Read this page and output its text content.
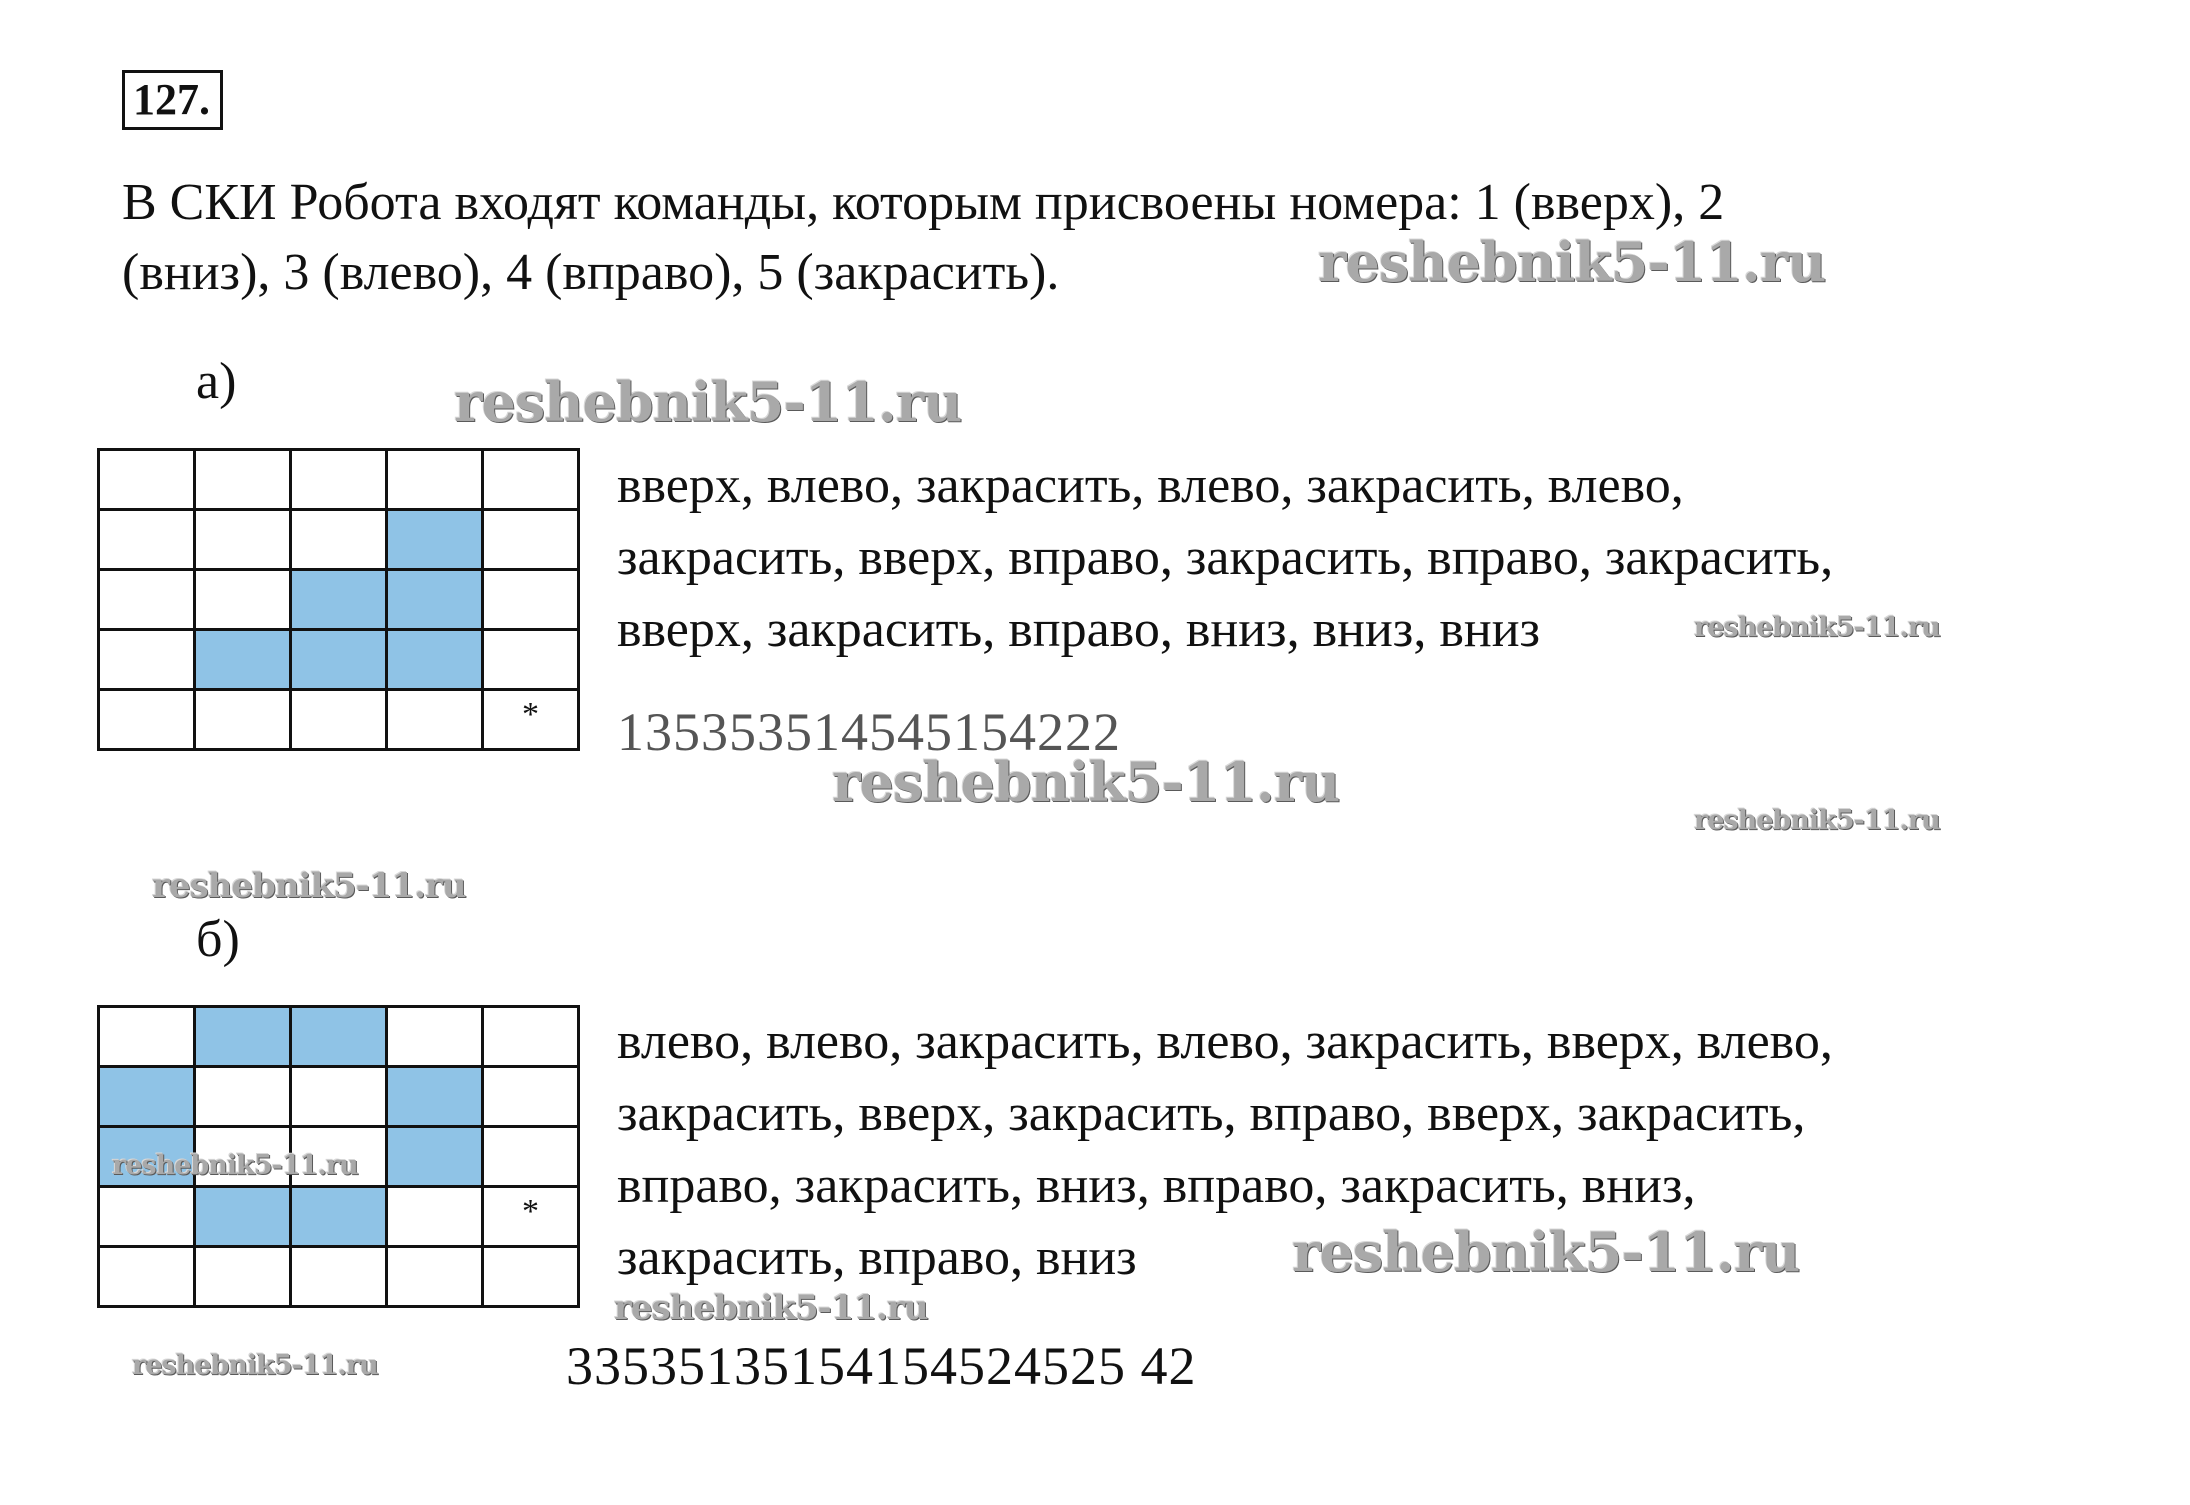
127.
В СКИ Робота входят команды, которым присвоены номера: 1 (вверх), 2
(вниз), 3 (влево), 4 (вправо), 5 (закрасить).
а)
*
вверх, влево, закрасить, влево, закрасить, влево,
закрасить, вверх, вправо, закрасить, вправо, закрасить,
вверх, закрасить, вправо, вниз, вниз, вниз
135353514545154222
б)
*
влево, влево, закрасить, влево, закрасить, вверх, влево,
закрасить, вверх, закрасить, вправо, вверх, закрасить,
вправо, закрасить, вниз, вправо, закрасить, вниз,
закрасить, вправо, вниз
33535135154154524525 42
reshebnik5-11.ru
reshebnik5-11.ru
reshebnik5-11.ru
reshebnik5-11.ru
reshebnik5-11.ru
reshebnik5-11.ru
reshebnik5-11.ru
reshebnik5-11.ru
reshebnik5-11.ru
reshebnik5-11.ru
